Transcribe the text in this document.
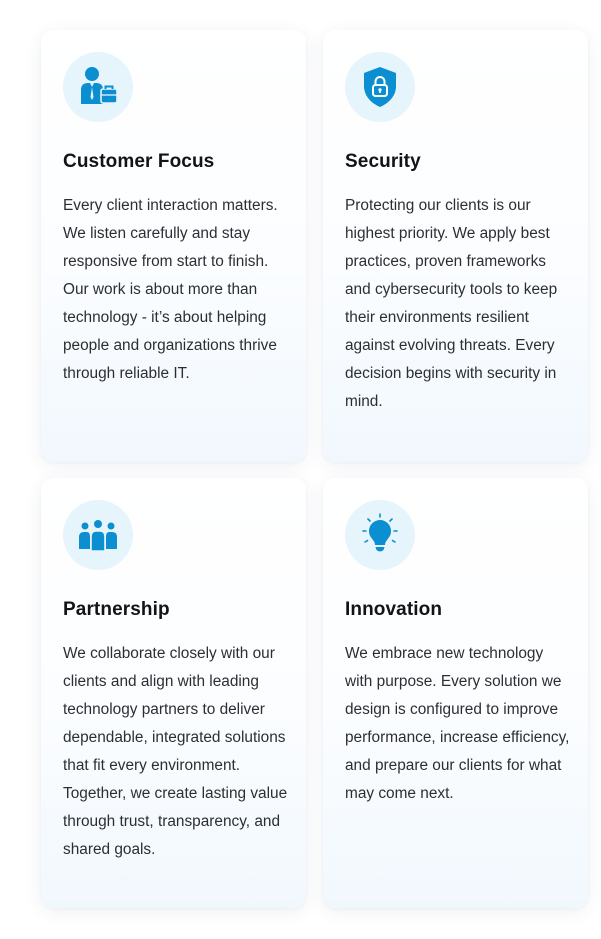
Customer Focus
Every client interaction matters. We listen carefully and stay responsive from start to finish. Our work is about more than technology - it’s about helping people and organizations thrive through reliable IT.
Security
Protecting our clients is our highest priority. We apply best practices, proven frameworks and cybersecurity tools to keep their environments resilient against evolving threats. Every decision begins with security in mind.
Partnership
We collaborate closely with our clients and align with leading technology partners to deliver dependable, integrated solutions that fit every environment. Together, we create lasting value through trust, transparency, and shared goals.
Innovation
We embrace new technology with purpose. Every solution we design is configured to improve performance, increase efficiency, and prepare our clients for what may come next.
